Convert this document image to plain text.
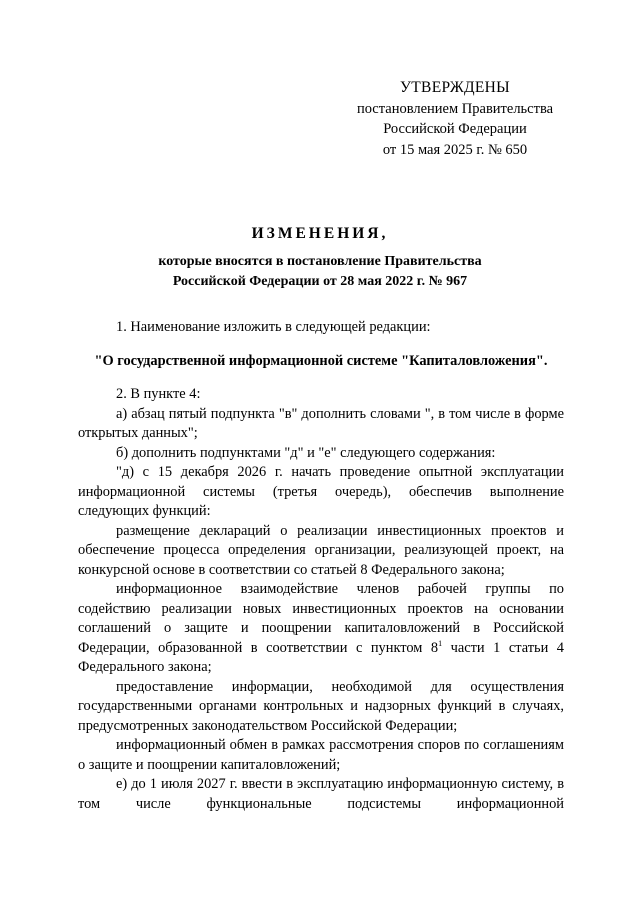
УТВЕРЖДЕНЫ
постановлением Правительства
Российской Федерации
от 15 мая 2025 г. № 650
ИЗМЕНЕНИЯ,
которые вносятся в постановление Правительства
Российской Федерации от 28 мая 2022 г. № 967

1. Наименование изложить в следующей редакции:

"О государственной информационной системе "Капиталовложения".

2. В пункте 4:

а) абзац пятый подпункта "в" дополнить словами ", в том числе в форме открытых данных";

б) дополнить подпунктами "д" и "е" следующего содержания:

"д) с 15 декабря 2026 г. начать проведение опытной эксплуатации информационной системы (третья очередь), обеспечив выполнение следующих функций:

размещение деклараций о реализации инвестиционных проектов и обеспечение процесса определения организации, реализующей проект, на конкурсной основе в соответствии со статьей 8 Федерального закона;

информационное взаимодействие членов рабочей группы по содействию реализации новых инвестиционных проектов на основании соглашений о защите и поощрении капиталовложений в Российской Федерации, образованной в соответствии с пунктом $8^1$ части 1 статьи 4 Федерального закона;

предоставление информации, необходимой для осуществления государственными органами контрольных и надзорных функций в случаях, предусмотренных законодательством Российской Федерации;

информационный обмен в рамках рассмотрения споров по соглашениям о защите и поощрении капиталовложений;

е) до 1 июля 2027 г. ввести в эксплуатацию информационную систему, в том числе функциональные подсистемы информационной
